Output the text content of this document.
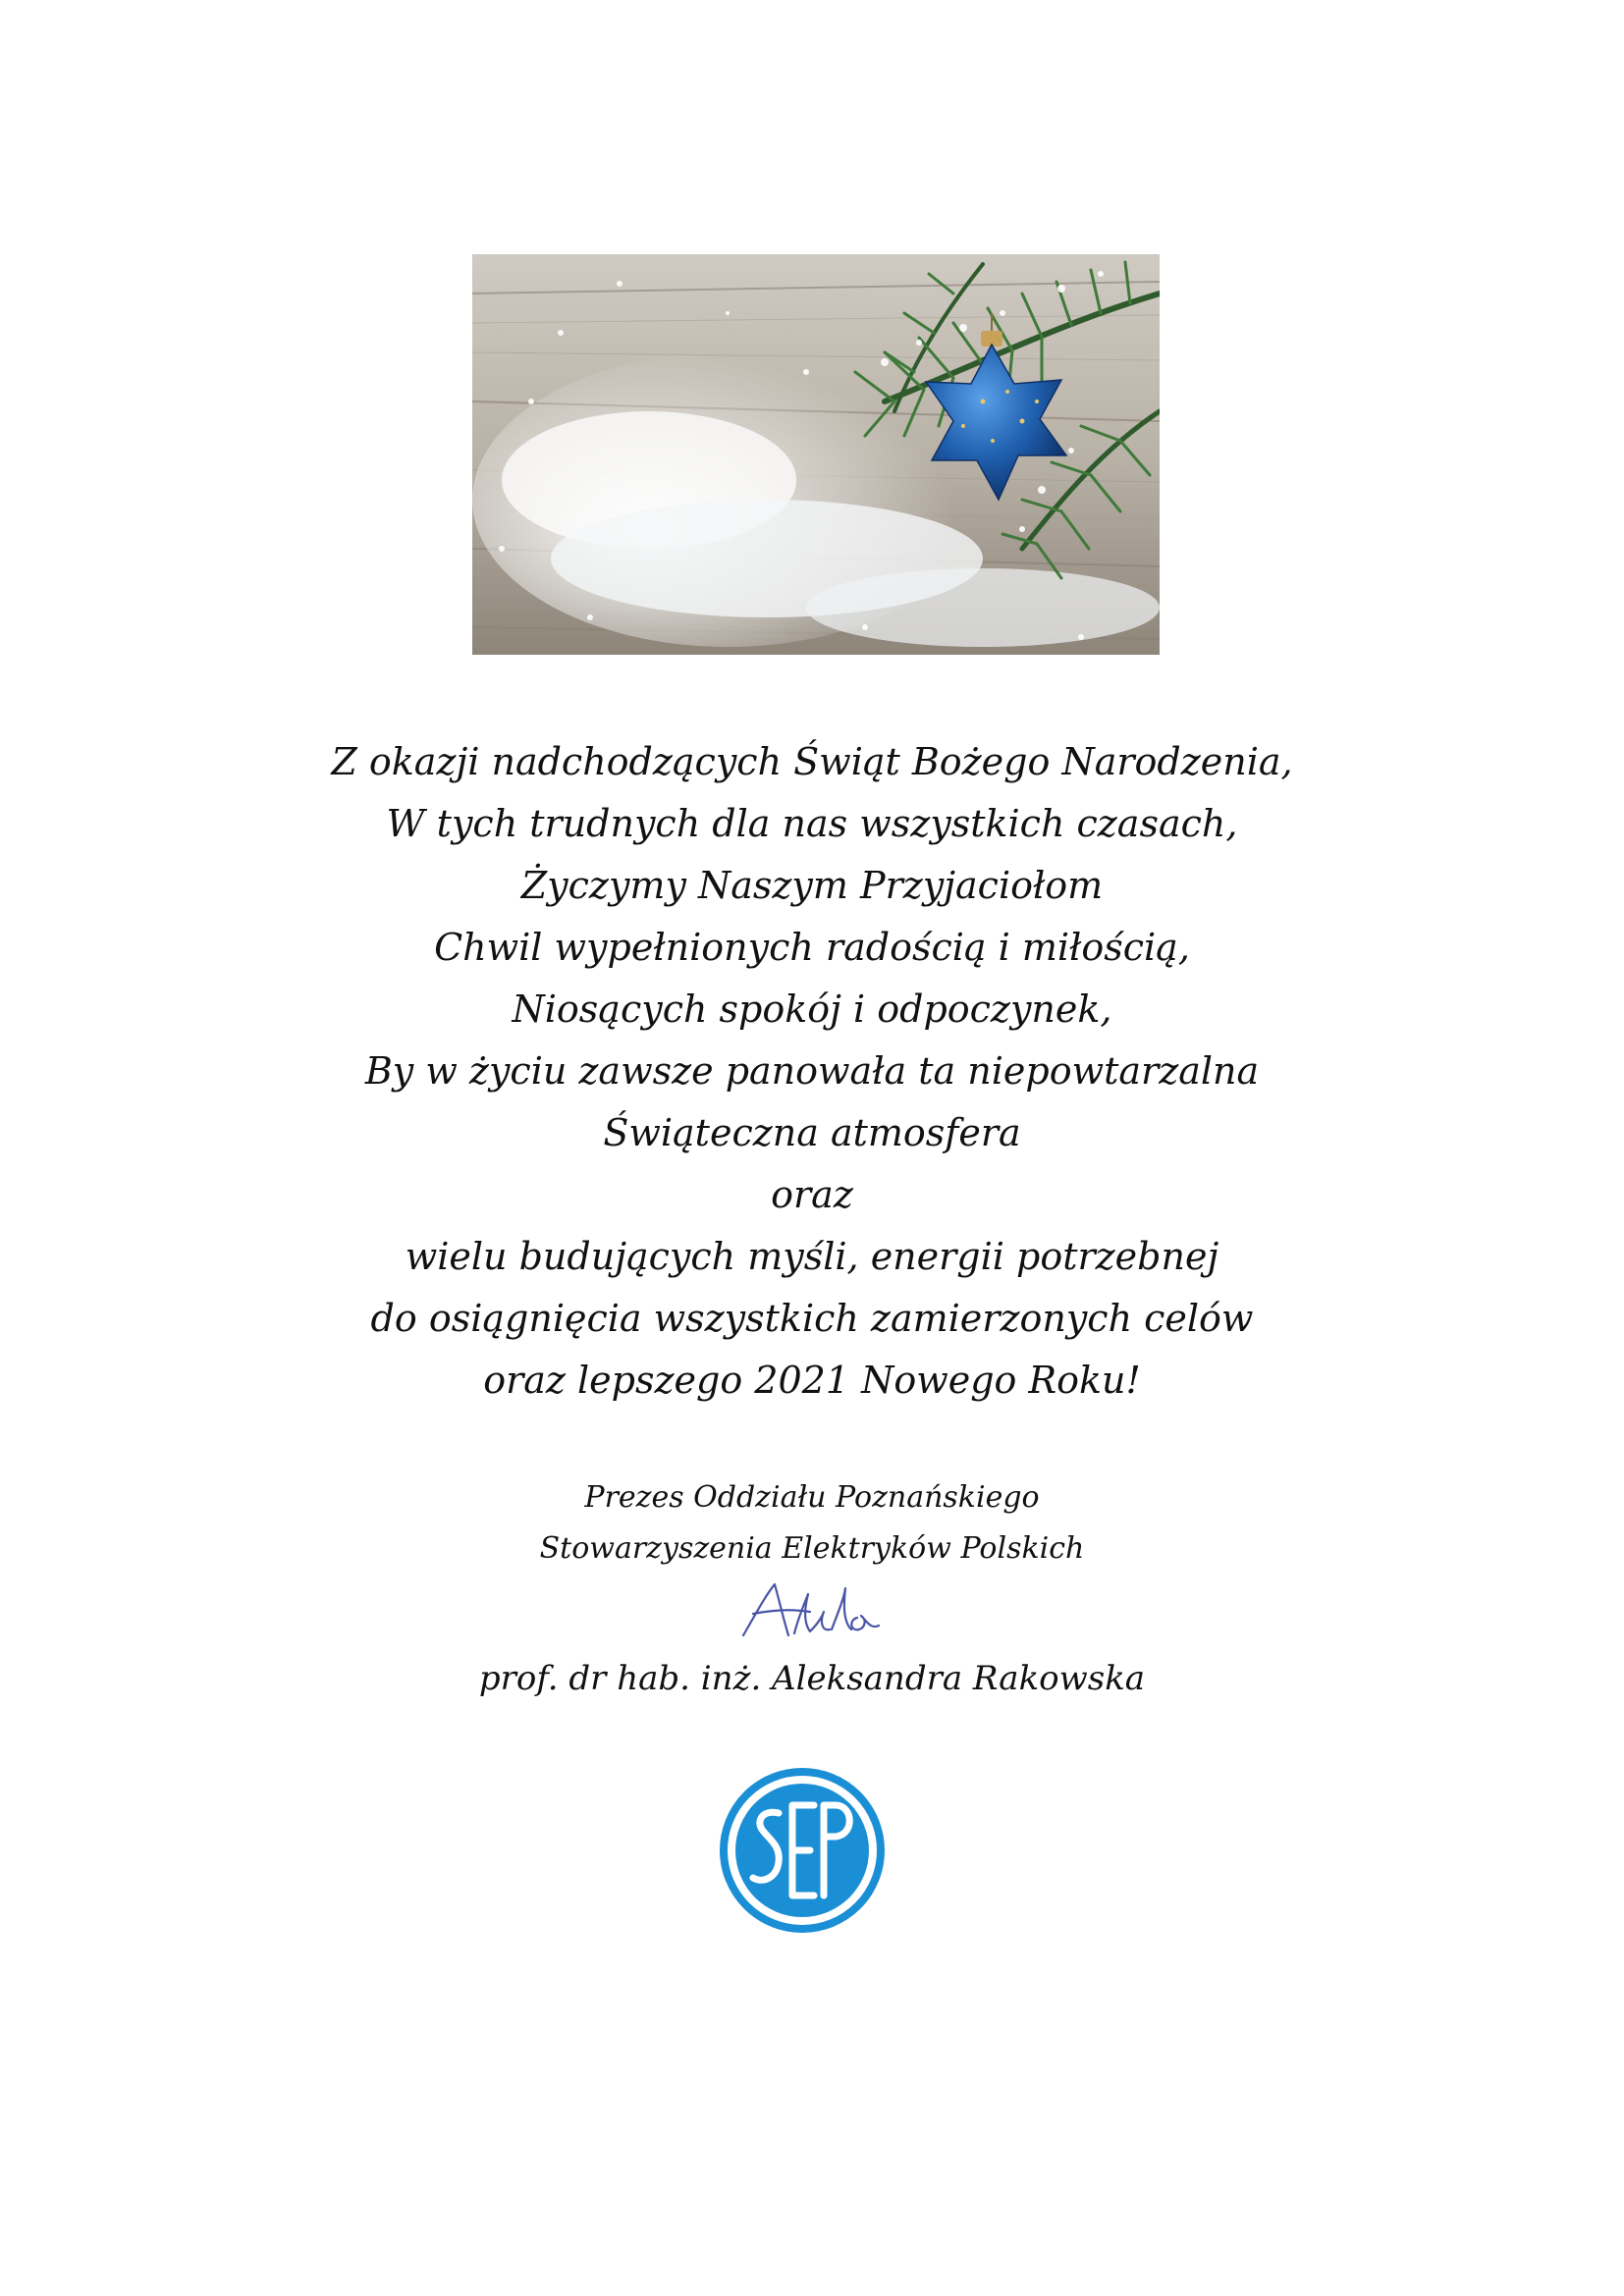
Z okazji nadchodzących Świąt Bożego Narodzenia,
W tych trudnych dla nas wszystkich czasach,
Życzymy Naszym Przyjaciołom
Chwil wypełnionych radością i miłością,
Niosących spokój i odpoczynek,
By w życiu zawsze panowała ta niepowtarzalna
Świąteczna atmosfera
oraz
wielu budujących myśli, energii potrzebnej
do osiągnięcia wszystkich zamierzonych celów
oraz lepszego 2021 Nowego Roku!
Prezes Oddziału Poznańskiego
Stowarzyszenia Elektryków Polskich
prof. dr hab. inż. Aleksandra Rakowska
